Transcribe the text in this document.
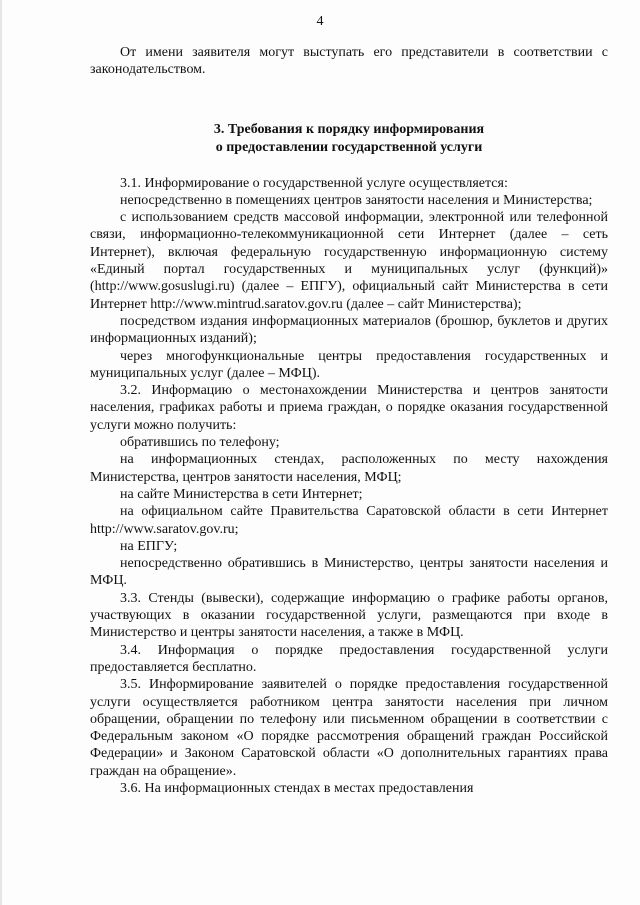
4

От имени заявителя могут выступать его представители в соответствии с законодательством.

3. Требования к порядку информирования
о предоставлении государственной услуги

3.1. Информирование о государственной услуге осуществляется:

непосредственно в помещениях центров занятости населения и Министерства;

с использованием средств массовой информации, электронной или телефонной связи, информационно-телекоммуникационной сети Интернет (далее – сеть Интернет), включая федеральную государственную информационную систему «Единый портал государственных и муниципальных услуг (функций)» (http://www.gosuslugi.ru) (далее – ЕПГУ), официальный сайт Министерства в сети Интернет http://www.mintrud.saratov.gov.ru (далее – сайт Министерства);

посредством издания информационных материалов (брошюр, буклетов и других информационных изданий);

через многофункциональные центры предоставления государственных и муниципальных услуг (далее – МФЦ).

3.2. Информацию о местонахождении Министерства и центров занятости населения, графиках работы и приема граждан, о порядке оказания государственной услуги можно получить:

обратившись по телефону;

на информационных стендах, расположенных по месту нахождения Министерства, центров занятости населения, МФЦ;

на сайте Министерства в сети Интернет;

на официальном сайте Правительства Саратовской области в сети Интернет http://www.saratov.gov.ru;

на ЕПГУ;

непосредственно обратившись в Министерство, центры занятости населения и МФЦ.

3.3. Стенды (вывески), содержащие информацию о графике работы органов, участвующих в оказании государственной услуги, размещаются при входе в Министерство и центры занятости населения, а также в МФЦ.

3.4. Информация о порядке предоставления государственной услуги предоставляется бесплатно.

3.5. Информирование заявителей о порядке предоставления государственной услуги осуществляется работником центра занятости населения при личном обращении, обращении по телефону или письменном обращении в соответствии с Федеральным законом «О порядке рассмотрения обращений граждан Российской Федерации» и Законом Саратовской области «О дополнительных гарантиях права граждан на обращение».

3.6. На информационных стендах в местах предоставления
